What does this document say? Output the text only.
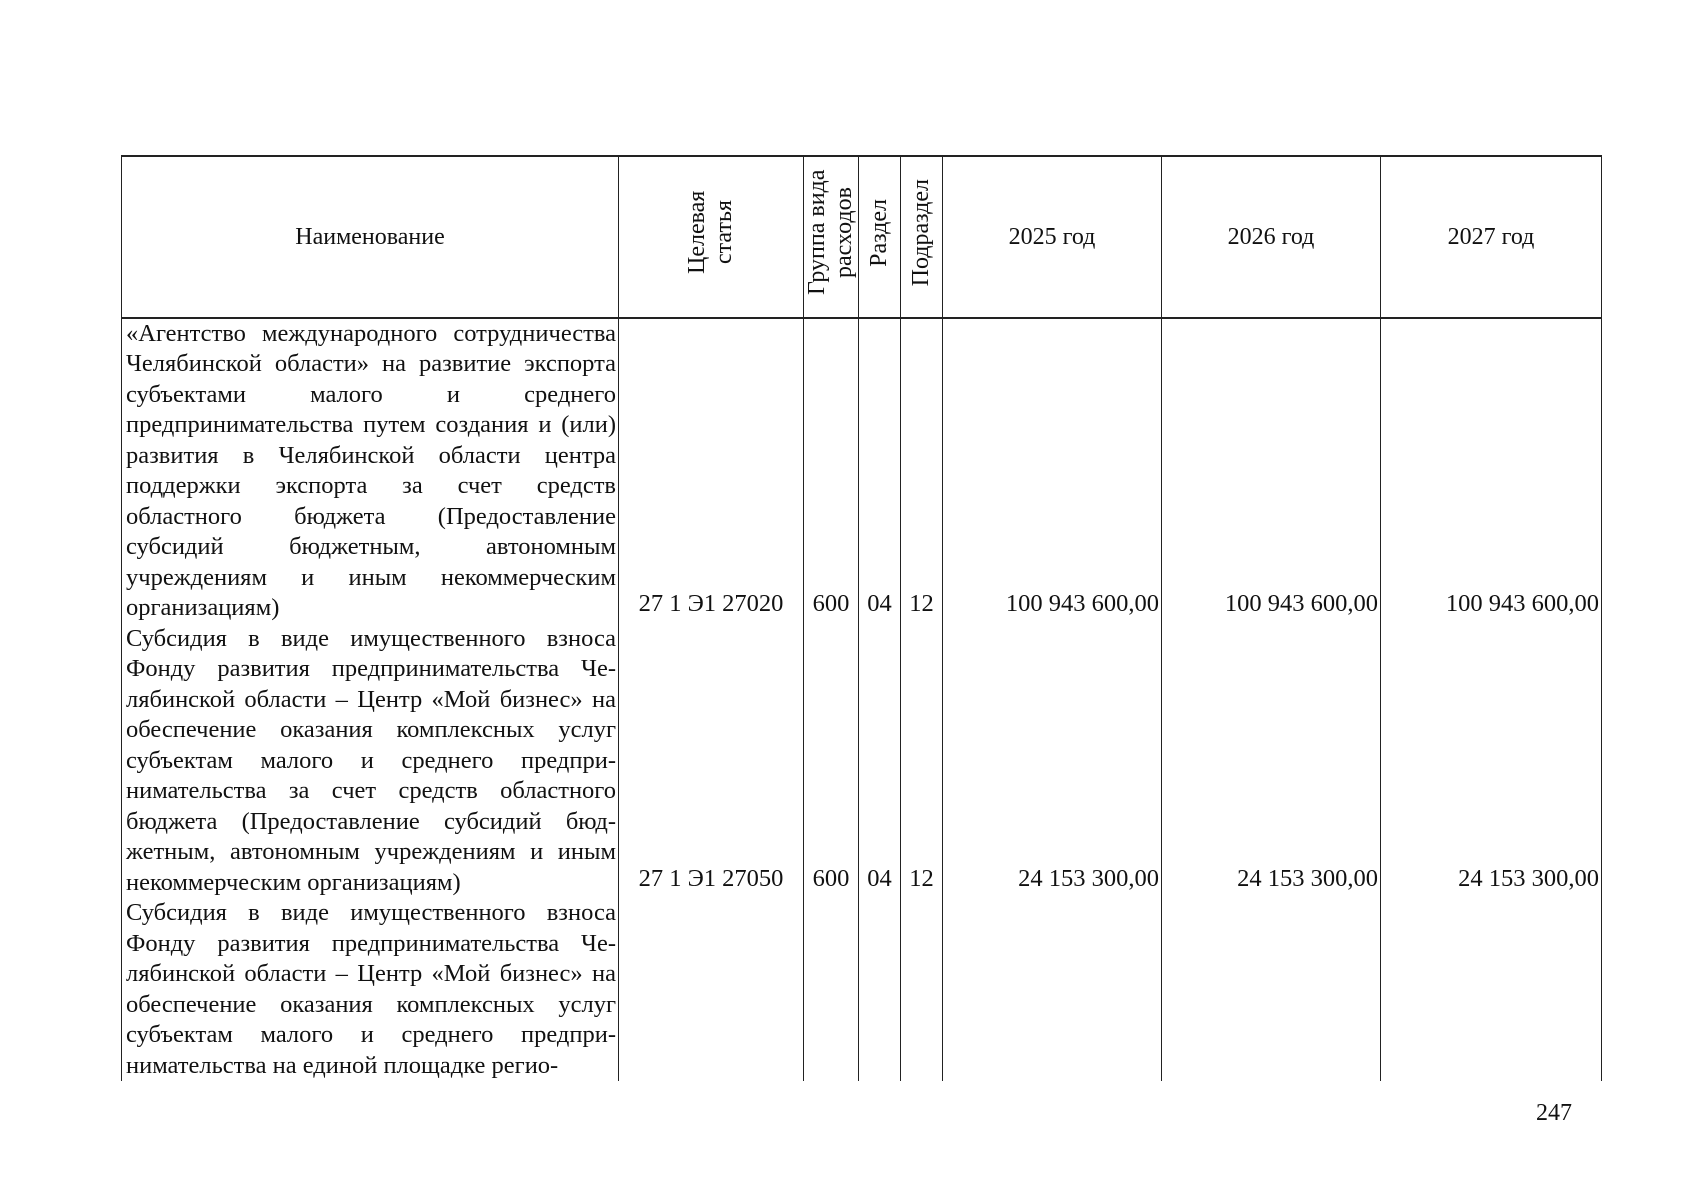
Наименование	Целевая статья	Группа вида расходов	Раздел	Подраздел	2025 год	2026 год	2027 год
«Агентство международного сотрудничества Челябинской области» на развитие экспорта субъектами малого и среднего предпринимательства путем создания и (или) развития в Челябинской области центра поддержки экспорта за счет средств областного бюджета (Предоставление субсидий бюджетным, автономным учреждениям и иным некоммерческим организациям)	27 1 Э1 27020	600	04	12	100 943 600,00	100 943 600,00	100 943 600,00
Субсидия в виде имущественного взноса Фонду развития предпринимательства Челябинской области – Центр «Мой бизнес» на обеспечение оказания комплексных услуг субъектам малого и среднего предпринимательства за счет средств областного бюджета (Предоставление субсидий бюджетным, автономным учреждениям и иным некоммерческим организациям)	27 1 Э1 27050	600	04	12	24 153 300,00	24 153 300,00	24 153 300,00
Субсидия в виде имущественного взноса Фонду развития предпринимательства Челябинской области – Центр «Мой бизнес» на обеспечение оказания комплексных услуг субъектам малого и среднего предпринимательства на единой площадке регио-							
247
